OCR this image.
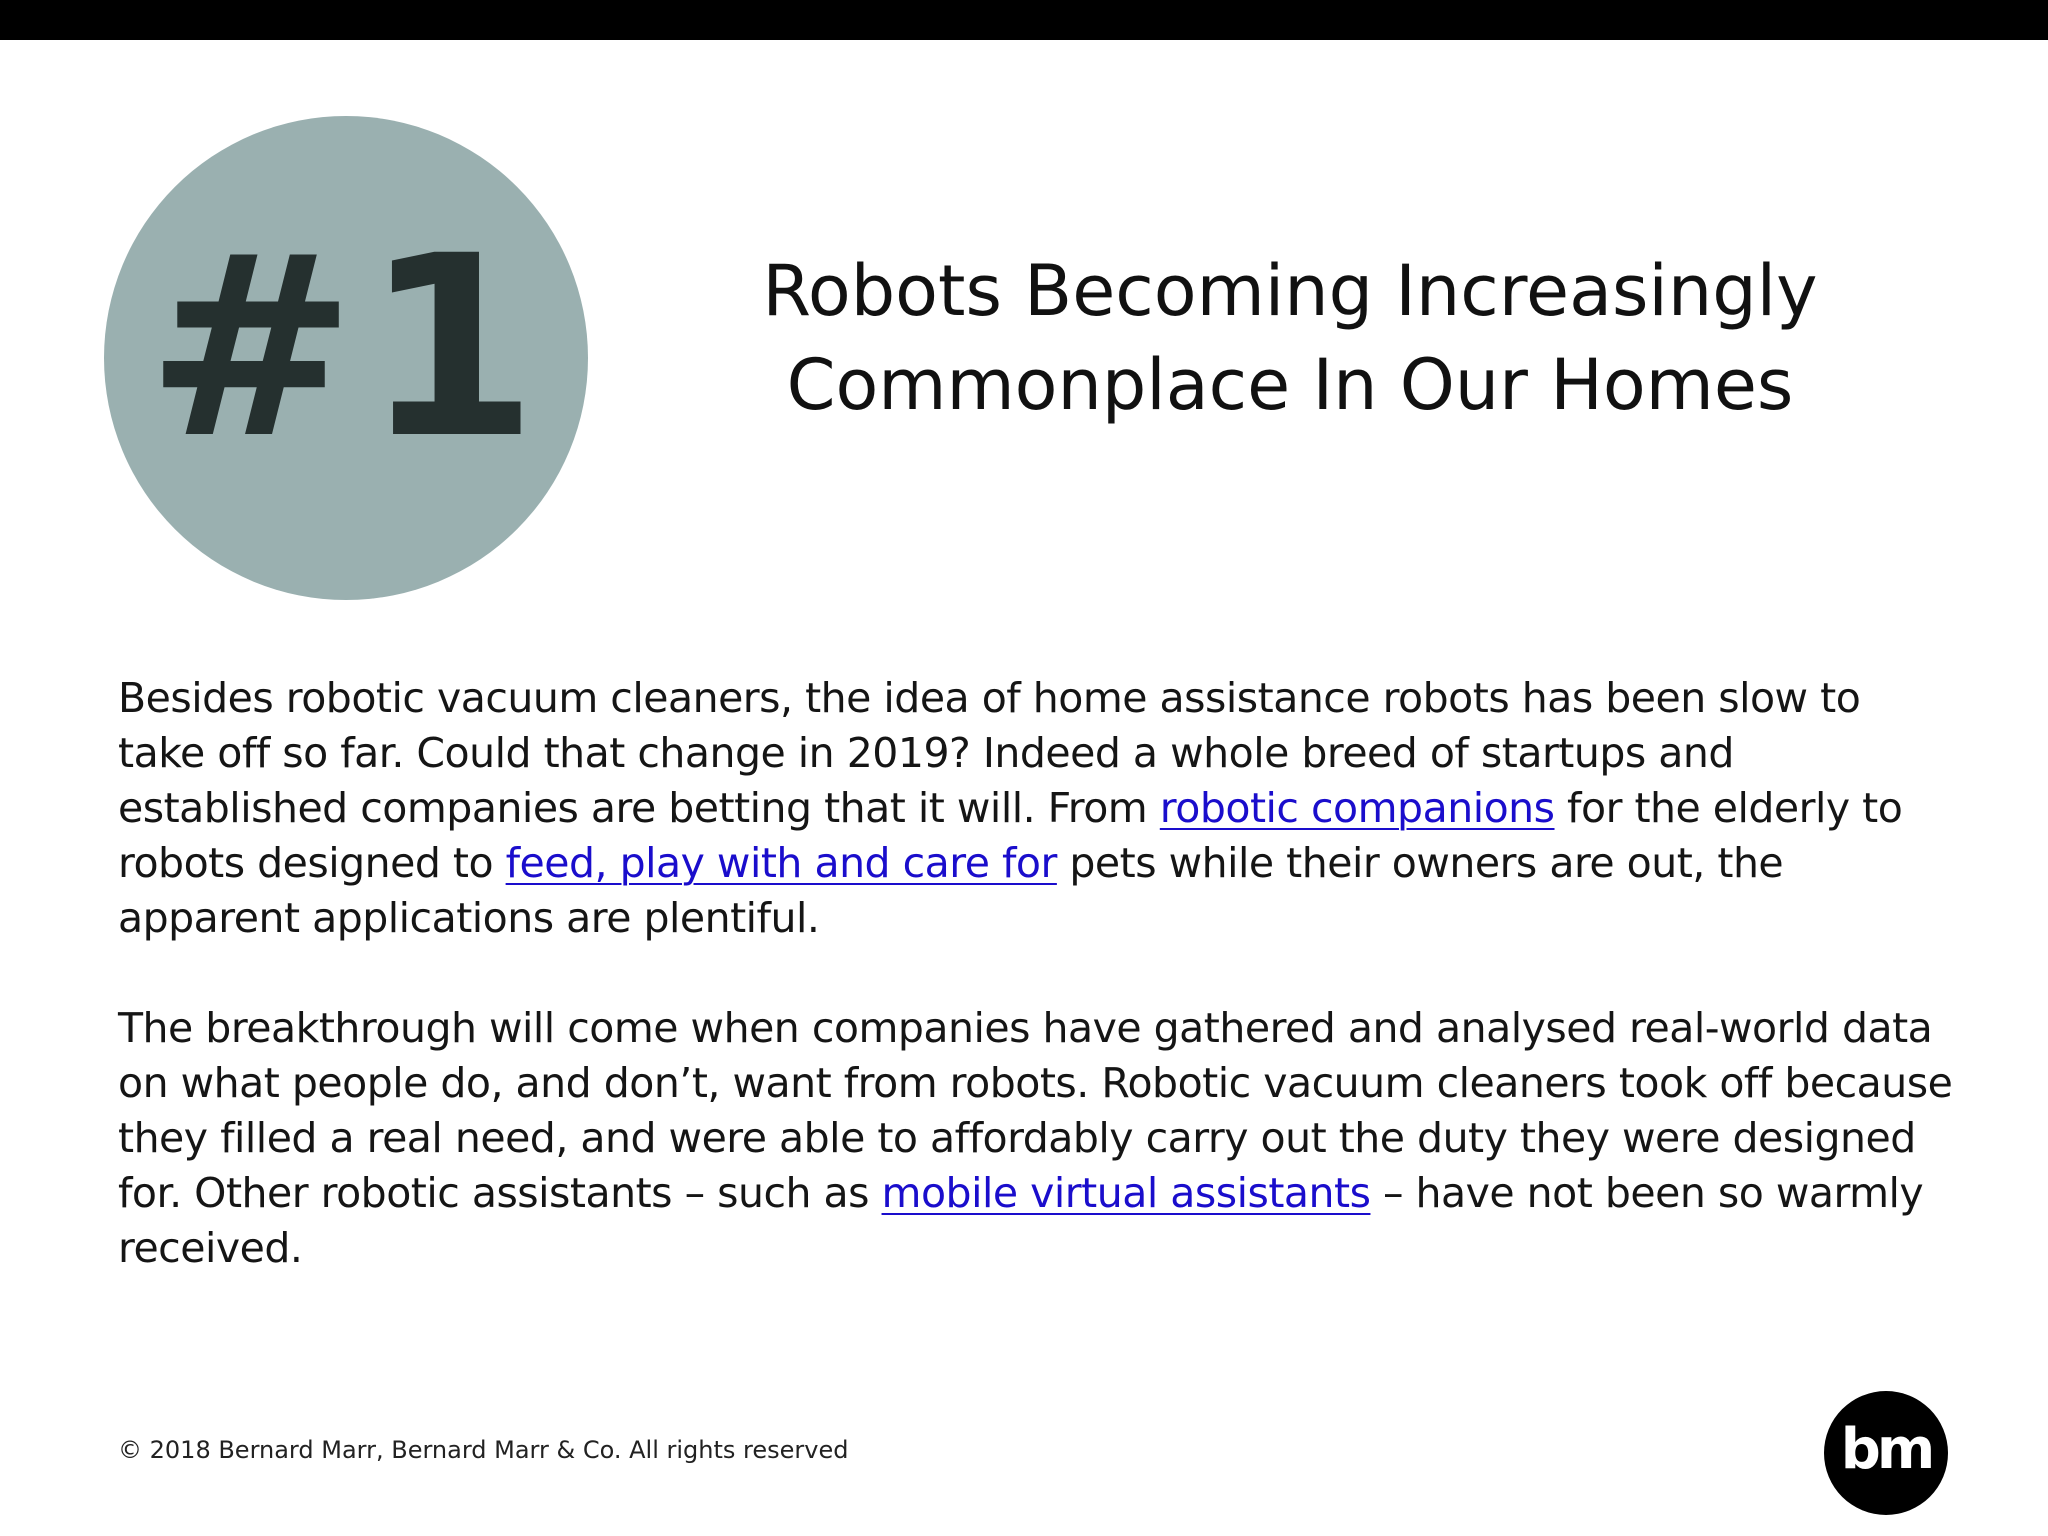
#1	Robots Becoming Increasingly
Commonplace In Our Homes

Besides robotic vacuum cleaners, the idea of home assistance robots has been slow to take off so far. Could that change in 2019? Indeed a whole breed of startups and established companies are betting that it will. From robotic companions for the elderly to robots designed to feed, play with and care for pets while their owners are out, the apparent applications are plentiful.

The breakthrough will come when companies have gathered and analysed real-world data on what people do, and don’t, want from robots. Robotic vacuum cleaners took off because they filled a real need, and were able to affordably carry out the duty they were designed for. Other robotic assistants – such as mobile virtual assistants – have not been so warmly received.

© 2018 Bernard Marr, Bernard Marr & Co. All rights reserved	bm
